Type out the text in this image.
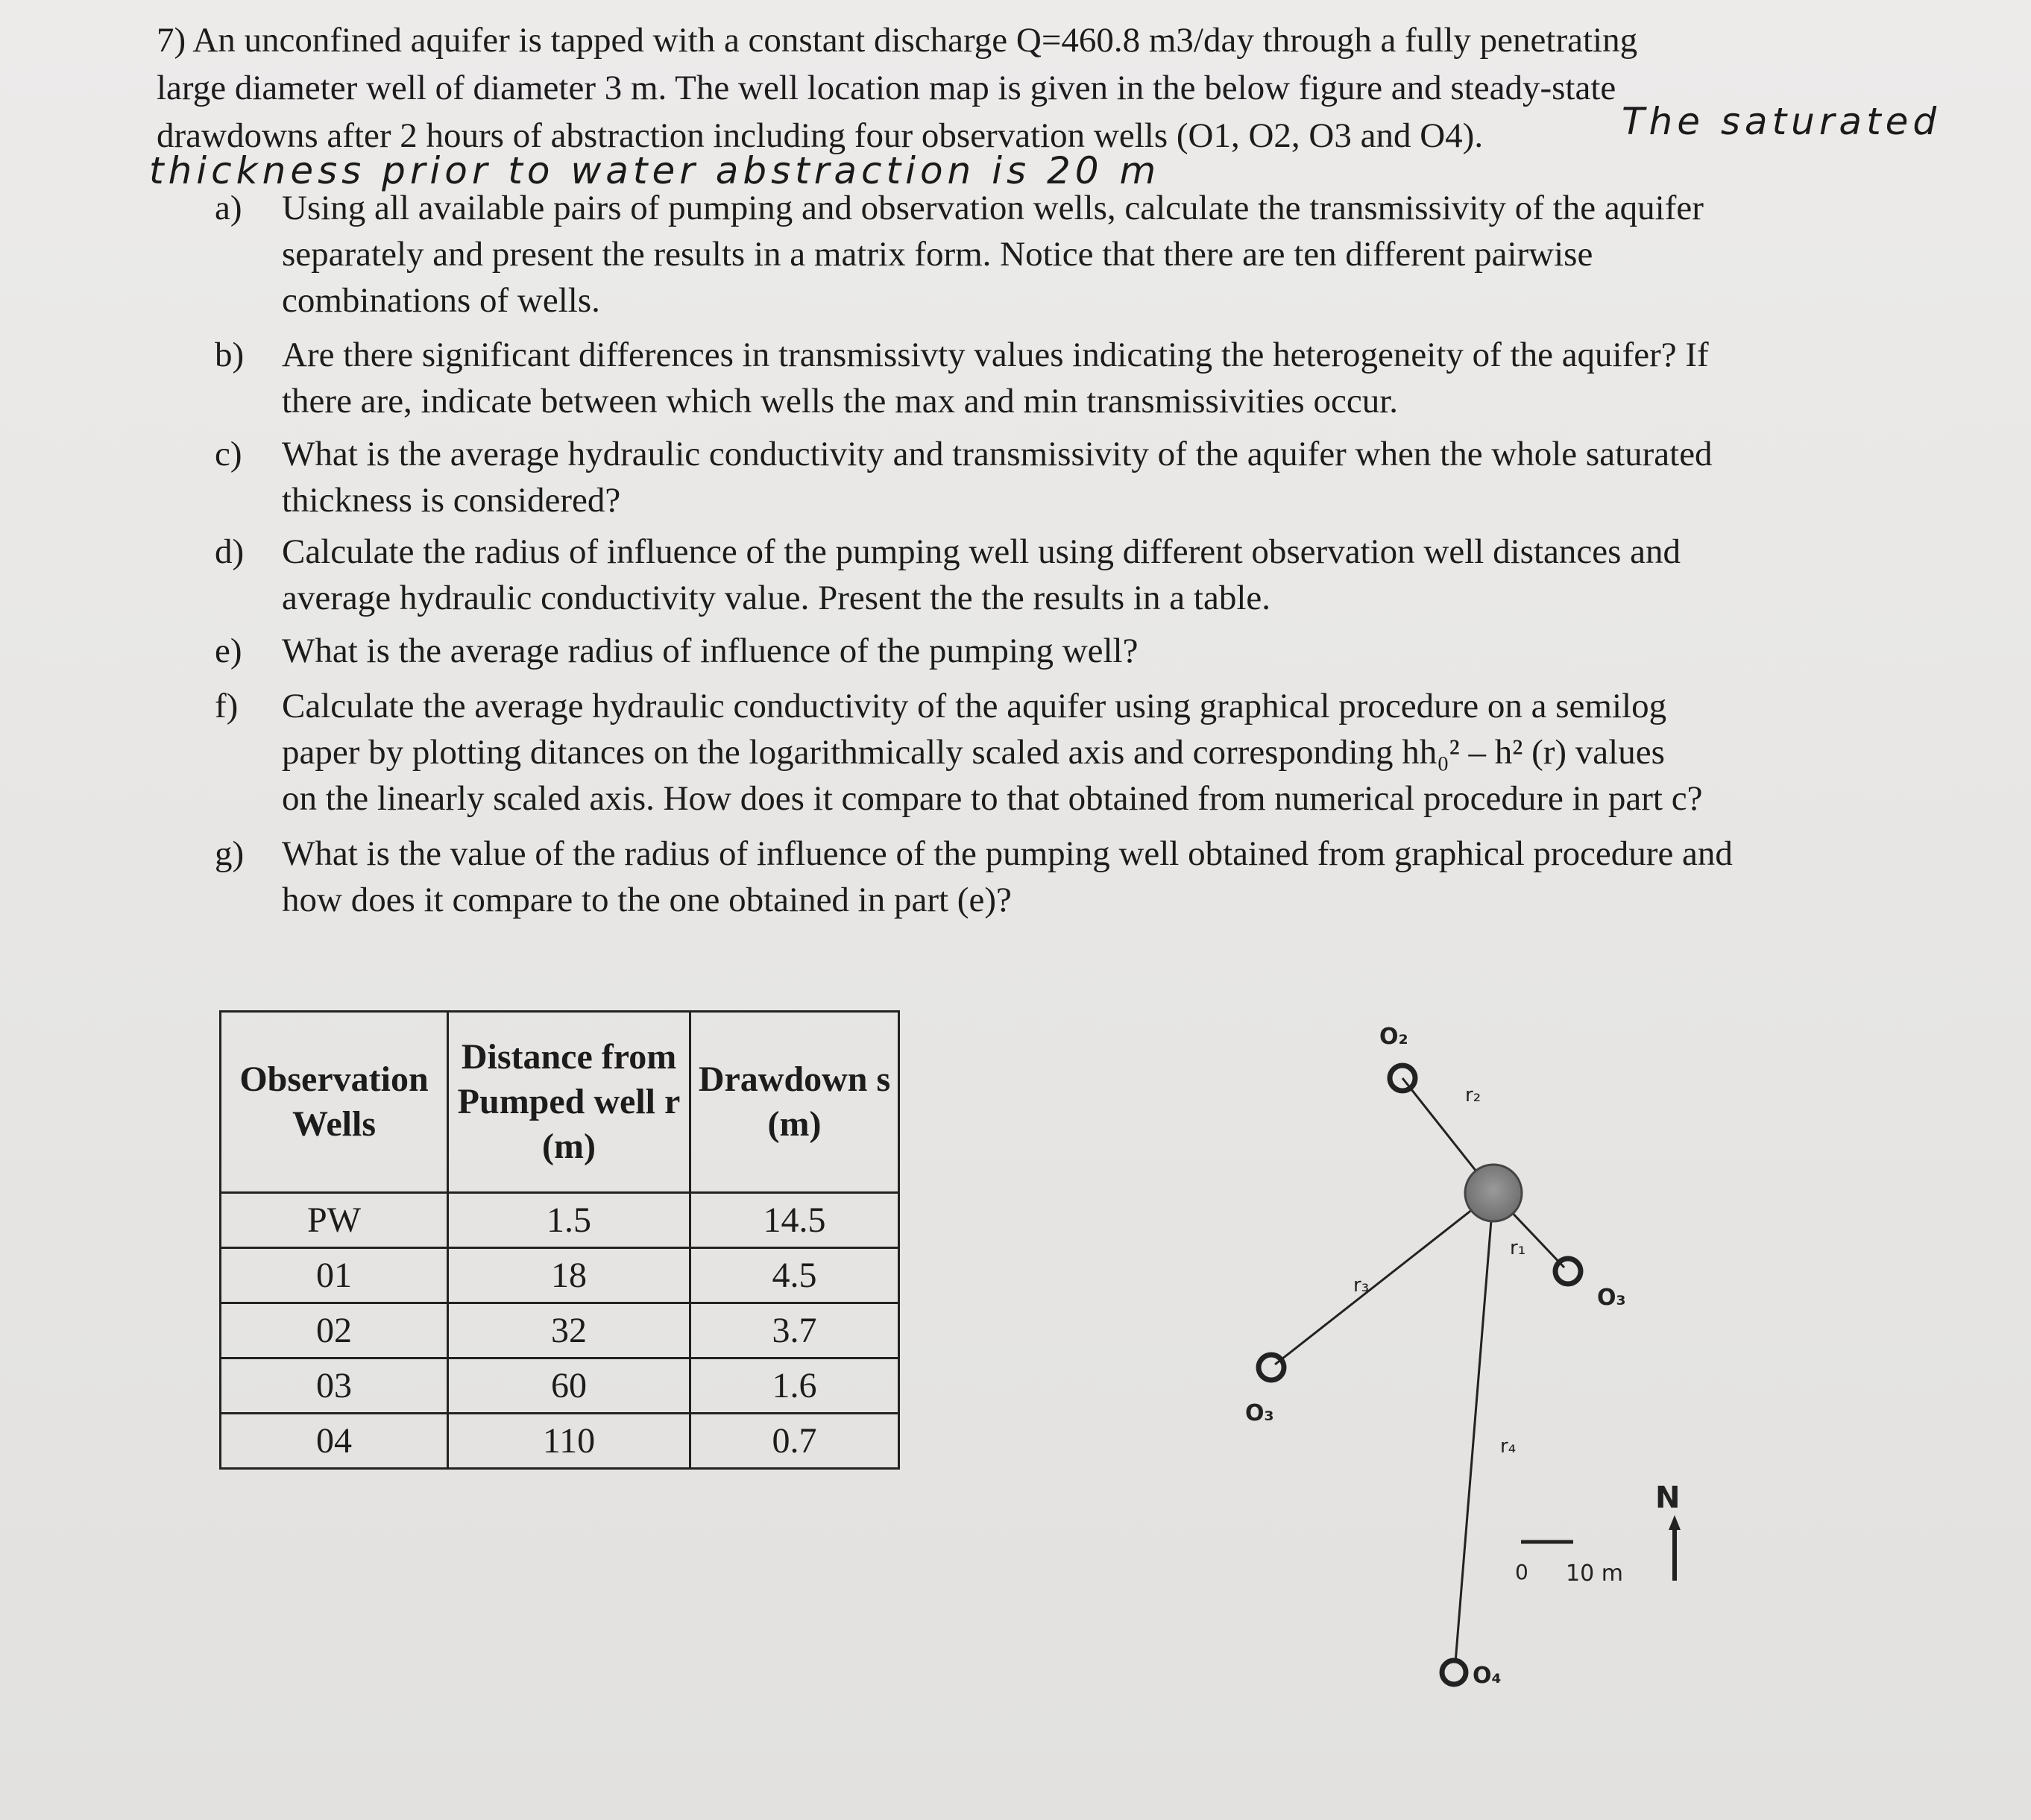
7) An unconfined aquifer is tapped with a constant discharge Q=460.8 m3/day through a fully penetrating

large diameter well of diameter 3 m. The well location map is given in the below figure and steady-state

drawdowns after 2 hours of abstraction including four observation wells (O1, O2, O3 and O4).	The saturated
thickness prior to water abstraction is 20 m
a)	Using all available pairs of pumping and observation wells, calculate the transmissivity of the aquifer

separately and present the results in a matrix form. Notice that there are ten different pairwise

combinations of wells.

b)	Are there significant differences in transmissivty values indicating the heterogeneity of the aquifer? If

there are, indicate between which wells the max and min transmissivities occur.

c)	What is the average hydraulic conductivity and transmissivity of the aquifer when the whole saturated

thickness is considered?

d)	Calculate the radius of influence of the pumping well using different observation well distances and

average hydraulic conductivity value. Present the the results in a table.

e)	What is the average radius of influence of the pumping well?

f)	Calculate the average hydraulic conductivity of the aquifer using graphical procedure on a semilog

paper by plotting ditances on the logarithmically scaled axis and corresponding hh₀² – h² (r) values

on the linearly scaled axis. How does it compare to that obtained from numerical procedure in part c?

g)	What is the value of the radius of influence of the pumping well obtained from graphical procedure and

how does it compare to the one obtained in part (e)?

Observation Wells	Distance from Pumped well r (m)	Drawdown s (m)
PW	1.5	14.5
01	18	4.5
02	32	3.7
03	60	1.6
04	110	0.7
O₂
r₂
r₁
O₃
r₃
O₃
r₄
O₄
0 10 m
N
